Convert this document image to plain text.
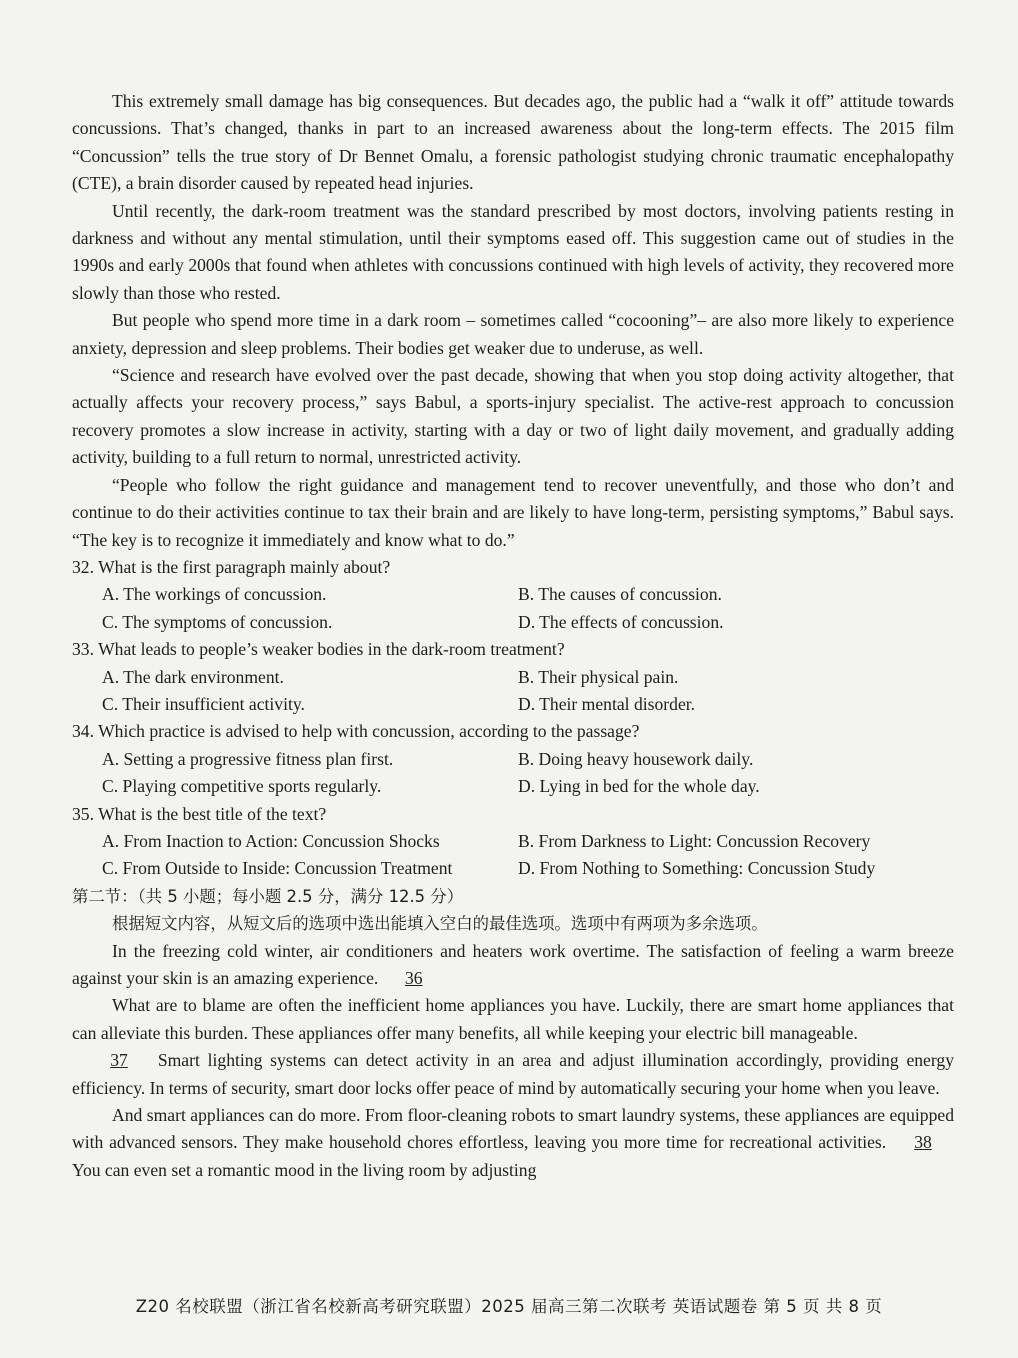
This extremely small damage has big consequences. But decades ago, the public had a “walk it off” attitude towards concussions. That’s changed, thanks in part to an increased awareness about the long-term effects. The 2015 film “Concussion” tells the true story of Dr Bennet Omalu, a forensic pathologist studying chronic traumatic encephalopathy (CTE), a brain disorder caused by repeated head injuries.

Until recently, the dark-room treatment was the standard prescribed by most doctors, involving patients resting in darkness and without any mental stimulation, until their symptoms eased off. This suggestion came out of studies in the 1990s and early 2000s that found when athletes with concussions continued with high levels of activity, they recovered more slowly than those who rested.

But people who spend more time in a dark room – sometimes called “cocooning”– are also more likely to experience anxiety, depression and sleep problems. Their bodies get weaker due to underuse, as well.

“Science and research have evolved over the past decade, showing that when you stop doing activity altogether, that actually affects your recovery process,” says Babul, a sports-injury specialist. The active-rest approach to concussion recovery promotes a slow increase in activity, starting with a day or two of light daily movement, and gradually adding activity, building to a full return to normal, unrestricted activity.

“People who follow the right guidance and management tend to recover uneventfully, and those who don’t and continue to do their activities continue to tax their brain and are likely to have long-term, persisting symptoms,” Babul says. “The key is to recognize it immediately and know what to do.”

32. What is the first paragraph mainly about?

A. The workings of concussion.	B. The causes of concussion.
C. The symptoms of concussion.	D. The effects of concussion.

33. What leads to people’s weaker bodies in the dark-room treatment?

A. The dark environment.	B. Their physical pain.
C. Their insufficient activity.	D. Their mental disorder.

34. Which practice is advised to help with concussion, according to the passage?

A. Setting a progressive fitness plan first.	B. Doing heavy housework daily.
C. Playing competitive sports regularly.	D. Lying in bed for the whole day.

35. What is the best title of the text?

A. From Inaction to Action: Concussion Shocks	B. From Darkness to Light: Concussion Recovery
C. From Outside to Inside: Concussion Treatment	D. From Nothing to Something: Concussion Study

第二节：（共 5 小题；每小题 2.5 分，满分 12.5 分）

根据短文内容，从短文后的选项中选出能填入空白的最佳选项。选项中有两项为多余选项。

In the freezing cold winter, air conditioners and heaters work overtime. The satisfaction of feeling a warm breeze against your skin is an amazing experience. 36

What are to blame are often the inefficient home appliances you have. Luckily, there are smart home appliances that can alleviate this burden. These appliances offer many benefits, all while keeping your electric bill manageable.

37 Smart lighting systems can detect activity in an area and adjust illumination accordingly, providing energy efficiency. In terms of security, smart door locks offer peace of mind by automatically securing your home when you leave.

And smart appliances can do more. From floor-cleaning robots to smart laundry systems, these appliances are equipped with advanced sensors. They make household chores effortless, leaving you more time for recreational activities. 38 You can even set a romantic mood in the living room by adjusting

Z20 名校联盟（浙江省名校新高考研究联盟）2025 届高三第二次联考 英语试题卷 第 5 页 共 8 页
